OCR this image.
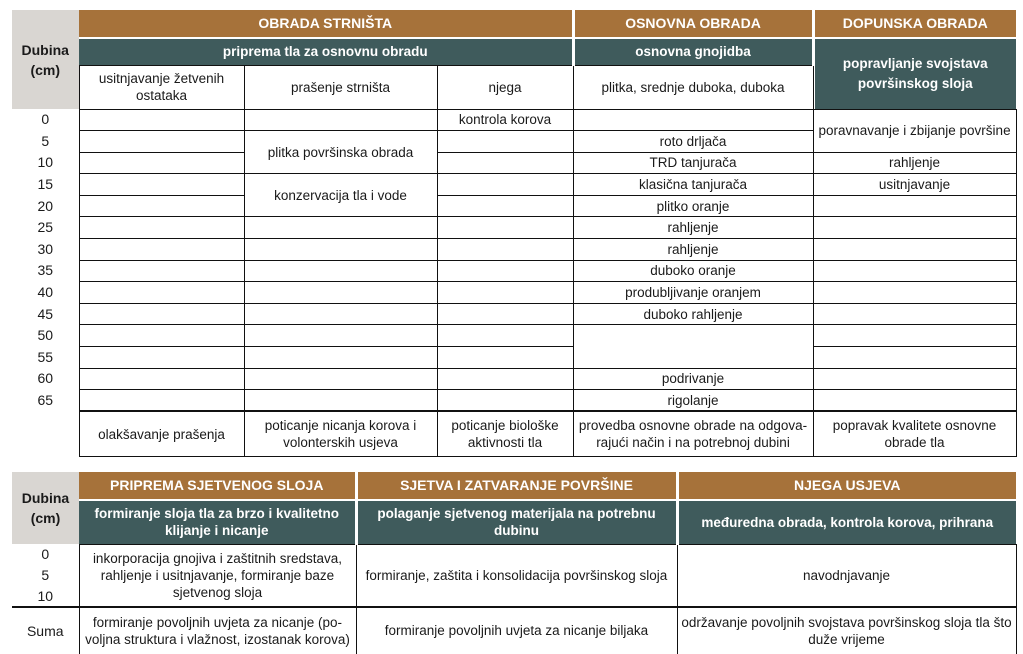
Dubina (cm)	OBRADA STRNIŠTA			OSNOVNA OBRADA	DOPUNSKA OBRADA
	priprema tla za osnovnu obradu			osnovna gnojidba	popravljanje svojstava površinskog sloja
	usitnjavanje žetvenih ostataka	prašenje strništa	njega	plitka, srednje duboka, duboka	
0			kontrola korova		poravnavanje i zbijanje površine
5		plitka površinska obrada		roto drljača	
10				TRD tanjurača	rahljenje
15		konzervacija tla i vode		klasična tanjurača	usitnjavanje
20				plitko oranje	
25				rahljenje	
30				rahljenje	
35				duboko oranje	
40				produbljivanje oranjem	
45				duboko rahljenje	
50					
55					
60				podrivanje	
65				rigolanje	
	olakšavanje prašenja	poticanje nicanja korova i volonterskih usjeva	poticanje biološke aktivnosti tla	provedba osnovne obrade na odgova- rajući način i na potrebnoj dubini	popravak kvalitete osnovne obrade tla
Dubina (cm)	PRIPREMA SJETVENOG SLOJA	SJETVA I ZATVARANJE POVRŠINE	NJEGA USJEVA
	formiranje sloja tla za brzo i kvalitetno klijanje i nicanje	polaganje sjetvenog materijala na potrebnu dubinu	međuredna obrada, kontrola korova, prihrana
0	inkorporacija gnojiva i zaštitnih sredstava, rahljenje i usitnjavanje, formiranje baze sjetvenog sloja	formiranje, zaštita i konsolidacija površinskog sloja	navodnjavanje
5			
10			
Suma	formiranje povoljnih uvjeta za nicanje (po- voljna struktura i vlažnost, izostanak korova)	formiranje povoljnih uvjeta za nicanje biljaka	održavanje povoljnih svojstava površinskog sloja tla što duže vrijeme
